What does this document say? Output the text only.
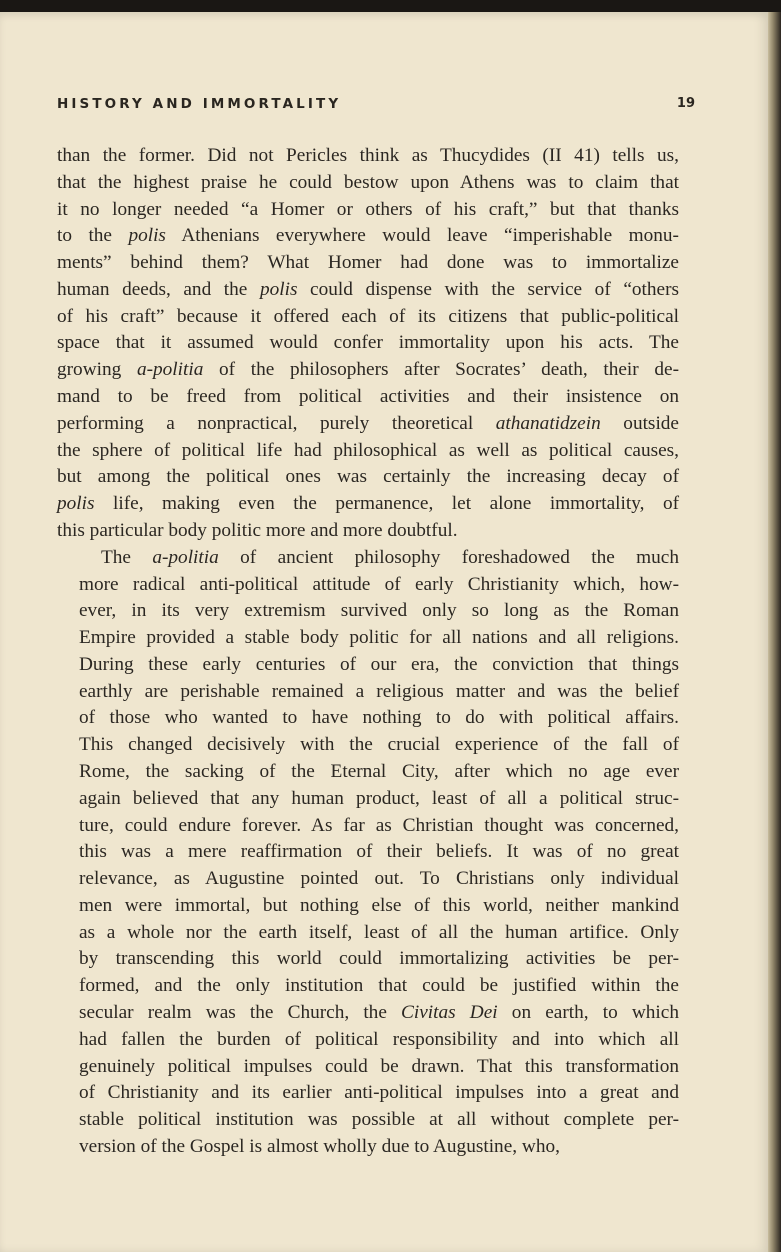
HISTORY AND IMMORTALITY	19
than the former. Did not Pericles think as Thucydides (II 41) tells us,
that the highest praise he could bestow upon Athens was to claim that
it no longer needed “a Homer or others of his craft,” but that thanks
to the polis Athenians everywhere would leave “imperishable monu-
ments” behind them? What Homer had done was to immortalize
human deeds, and the polis could dispense with the service of “others
of his craft” because it offered each of its citizens that public-political
space that it assumed would confer immortality upon his acts. The
growing a-politia of the philosophers after Socrates’ death, their de-
mand to be freed from political activities and their insistence on
performing a nonpractical, purely theoretical athanatidzein outside
the sphere of political life had philosophical as well as political causes,
but among the political ones was certainly the increasing decay of
polis life, making even the permanence, let alone immortality, of
this particular body politic more and more doubtful.
The a-politia of ancient philosophy foreshadowed the much
more radical anti-political attitude of early Christianity which, how-
ever, in its very extremism survived only so long as the Roman
Empire provided a stable body politic for all nations and all religions.
During these early centuries of our era, the conviction that things
earthly are perishable remained a religious matter and was the belief
of those who wanted to have nothing to do with political affairs.
This changed decisively with the crucial experience of the fall of
Rome, the sacking of the Eternal City, after which no age ever
again believed that any human product, least of all a political struc-
ture, could endure forever. As far as Christian thought was concerned,
this was a mere reaffirmation of their beliefs. It was of no great
relevance, as Augustine pointed out. To Christians only individual
men were immortal, but nothing else of this world, neither mankind
as a whole nor the earth itself, least of all the human artifice. Only
by transcending this world could immortalizing activities be per-
formed, and the only institution that could be justified within the
secular realm was the Church, the Civitas Dei on earth, to which
had fallen the burden of political responsibility and into which all
genuinely political impulses could be drawn. That this transformation
of Christianity and its earlier anti-political impulses into a great and
stable political institution was possible at all without complete per-
version of the Gospel is almost wholly due to Augustine, who,
